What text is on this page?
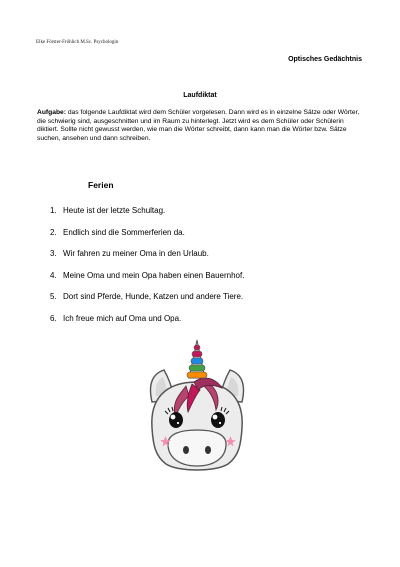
Elke Förster-Fröhlich M.Sc. Psychologin
Optisches Gedächtnis
Laufdiktat
Aufgabe: das folgende Laufdiktat wird dem Schüler vorgelesen. Dann wird es in einzelne Sätze oder Wörter, die schwierig sind, ausgeschnitten und im Raum zu hinterlegt. Jetzt wird es dem Schüler oder Schülerin diktiert. Sollte nicht gewusst werden, wie man die Wörter schreibt, dann kann man die Wörter bzw. Sätze suchen, ansehen und dann schreiben.
Ferien
1. Heute ist der letzte Schultag.
2. Endlich sind die Sommerferien da.
3. Wir fahren zu meiner Oma in den Urlaub.
4. Meine Oma und mein Opa haben einen Bauernhof.
5. Dort sind Pferde, Hunde, Katzen und andere Tiere.
6. Ich freue mich auf Oma und Opa.
